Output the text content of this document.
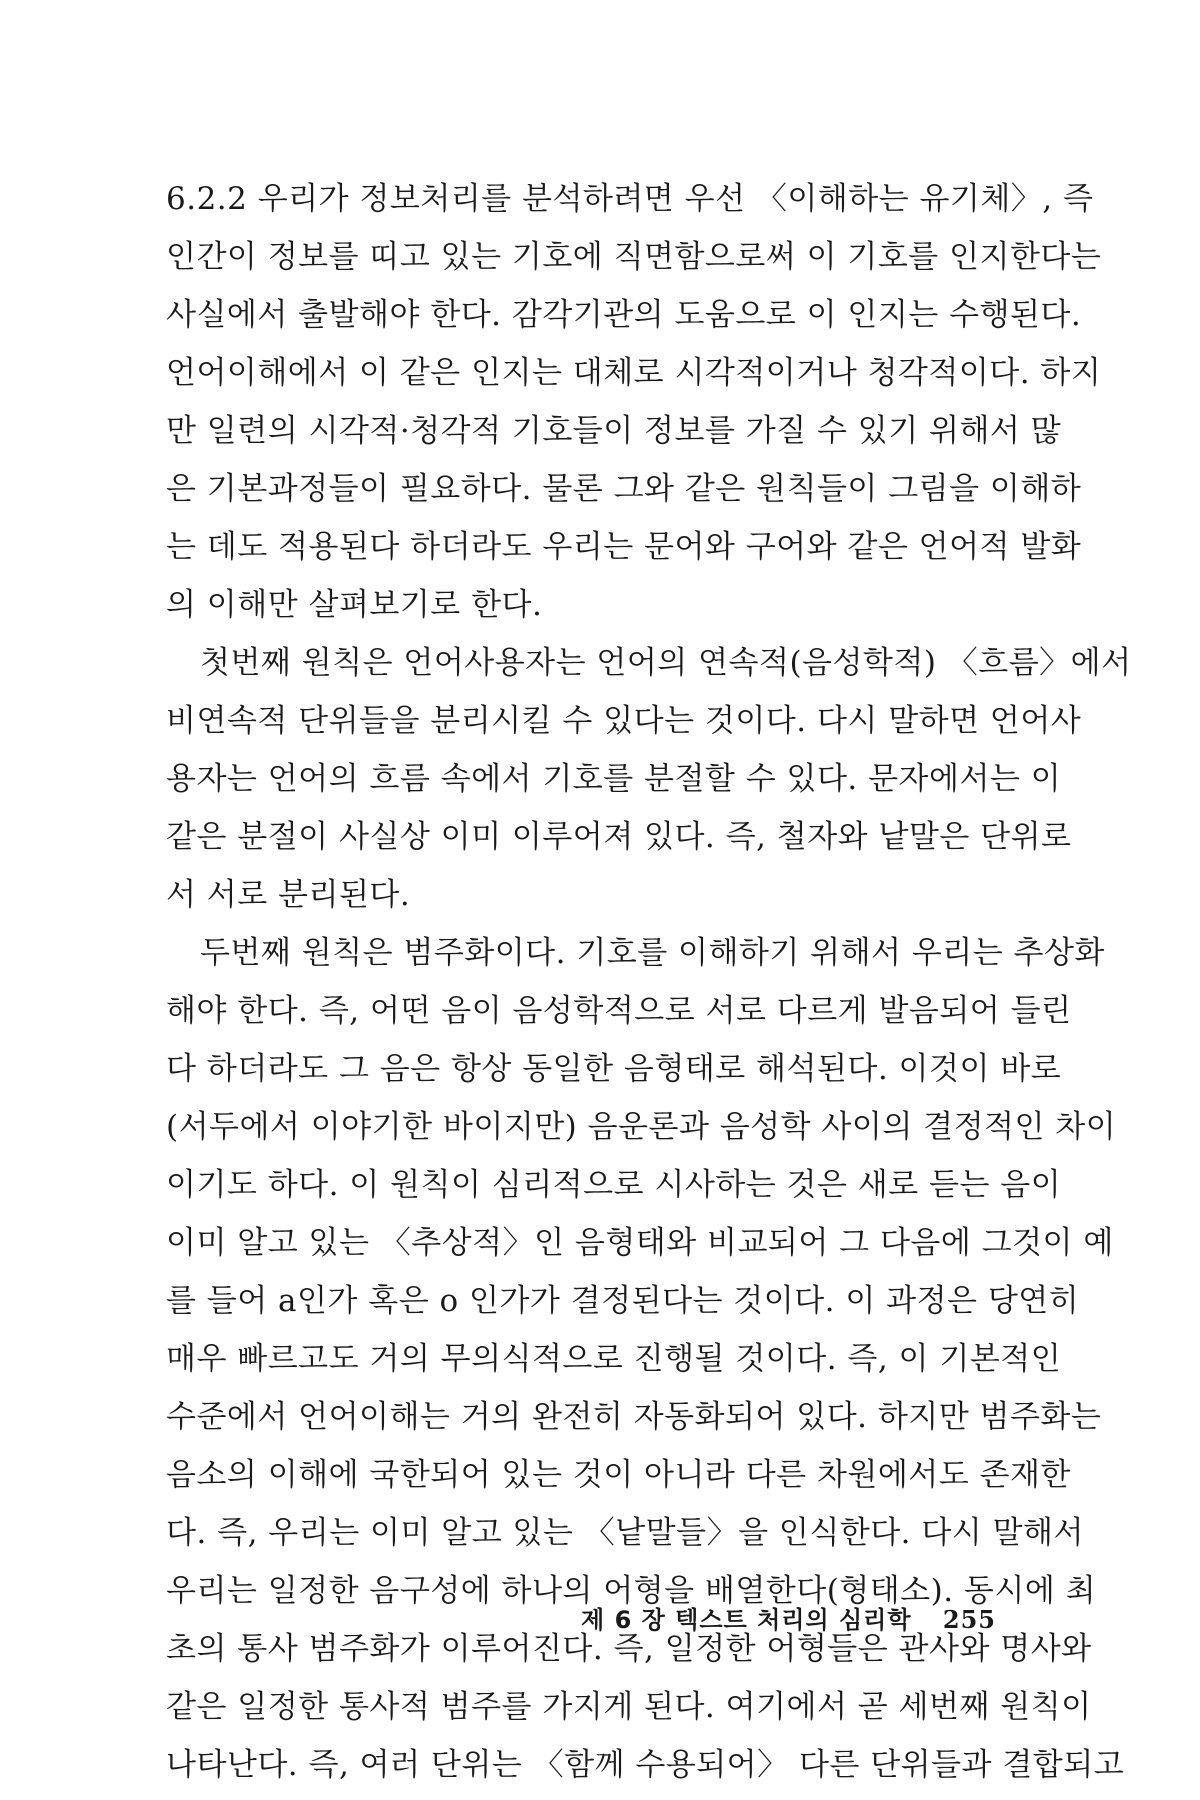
6.2.2 우리가 정보처리를 분석하려면 우선 〈이해하는 유기체〉, 즉
인간이 정보를 띠고 있는 기호에 직면함으로써 이 기호를 인지한다는
사실에서 출발해야 한다. 감각기관의 도움으로 이 인지는 수행된다.
언어이해에서 이 같은 인지는 대체로 시각적이거나 청각적이다. 하지
만 일련의 시각적·청각적 기호들이 정보를 가질 수 있기 위해서 많
은 기본과정들이 필요하다. 물론 그와 같은 원칙들이 그림을 이해하
는 데도 적용된다 하더라도 우리는 문어와 구어와 같은 언어적 발화
의 이해만 살펴보기로 한다.
첫번째 원칙은 언어사용자는 언어의 연속적(음성학적) 〈흐름〉에서
비연속적 단위들을 분리시킬 수 있다는 것이다. 다시 말하면 언어사
용자는 언어의 흐름 속에서 기호를 분절할 수 있다. 문자에서는 이
같은 분절이 사실상 이미 이루어져 있다. 즉, 철자와 낱말은 단위로
서 서로 분리된다.
두번째 원칙은 범주화이다. 기호를 이해하기 위해서 우리는 추상화
해야 한다. 즉, 어떤 음이 음성학적으로 서로 다르게 발음되어 들린
다 하더라도 그 음은 항상 동일한 음형태로 해석된다. 이것이 바로
(서두에서 이야기한 바이지만) 음운론과 음성학 사이의 결정적인 차이
이기도 하다. 이 원칙이 심리적으로 시사하는 것은 새로 듣는 음이
이미 알고 있는 〈추상적〉인 음형태와 비교되어 그 다음에 그것이 예
를 들어 a인가 혹은 o 인가가 결정된다는 것이다. 이 과정은 당연히
매우 빠르고도 거의 무의식적으로 진행될 것이다. 즉, 이 기본적인
수준에서 언어이해는 거의 완전히 자동화되어 있다. 하지만 범주화는
음소의 이해에 국한되어 있는 것이 아니라 다른 차원에서도 존재한
다. 즉, 우리는 이미 알고 있는 〈낱말들〉을 인식한다. 다시 말해서
우리는 일정한 음구성에 하나의 어형을 배열한다(형태소). 동시에 최
초의 통사 범주화가 이루어진다. 즉, 일정한 어형들은 관사와 명사와
같은 일정한 통사적 범주를 가지게 된다. 여기에서 곧 세번째 원칙이
나타난다. 즉, 여러 단위는 〈함께 수용되어〉 다른 단위들과 결합되고
제 6 장 텍스트 처리의 심리학 255
